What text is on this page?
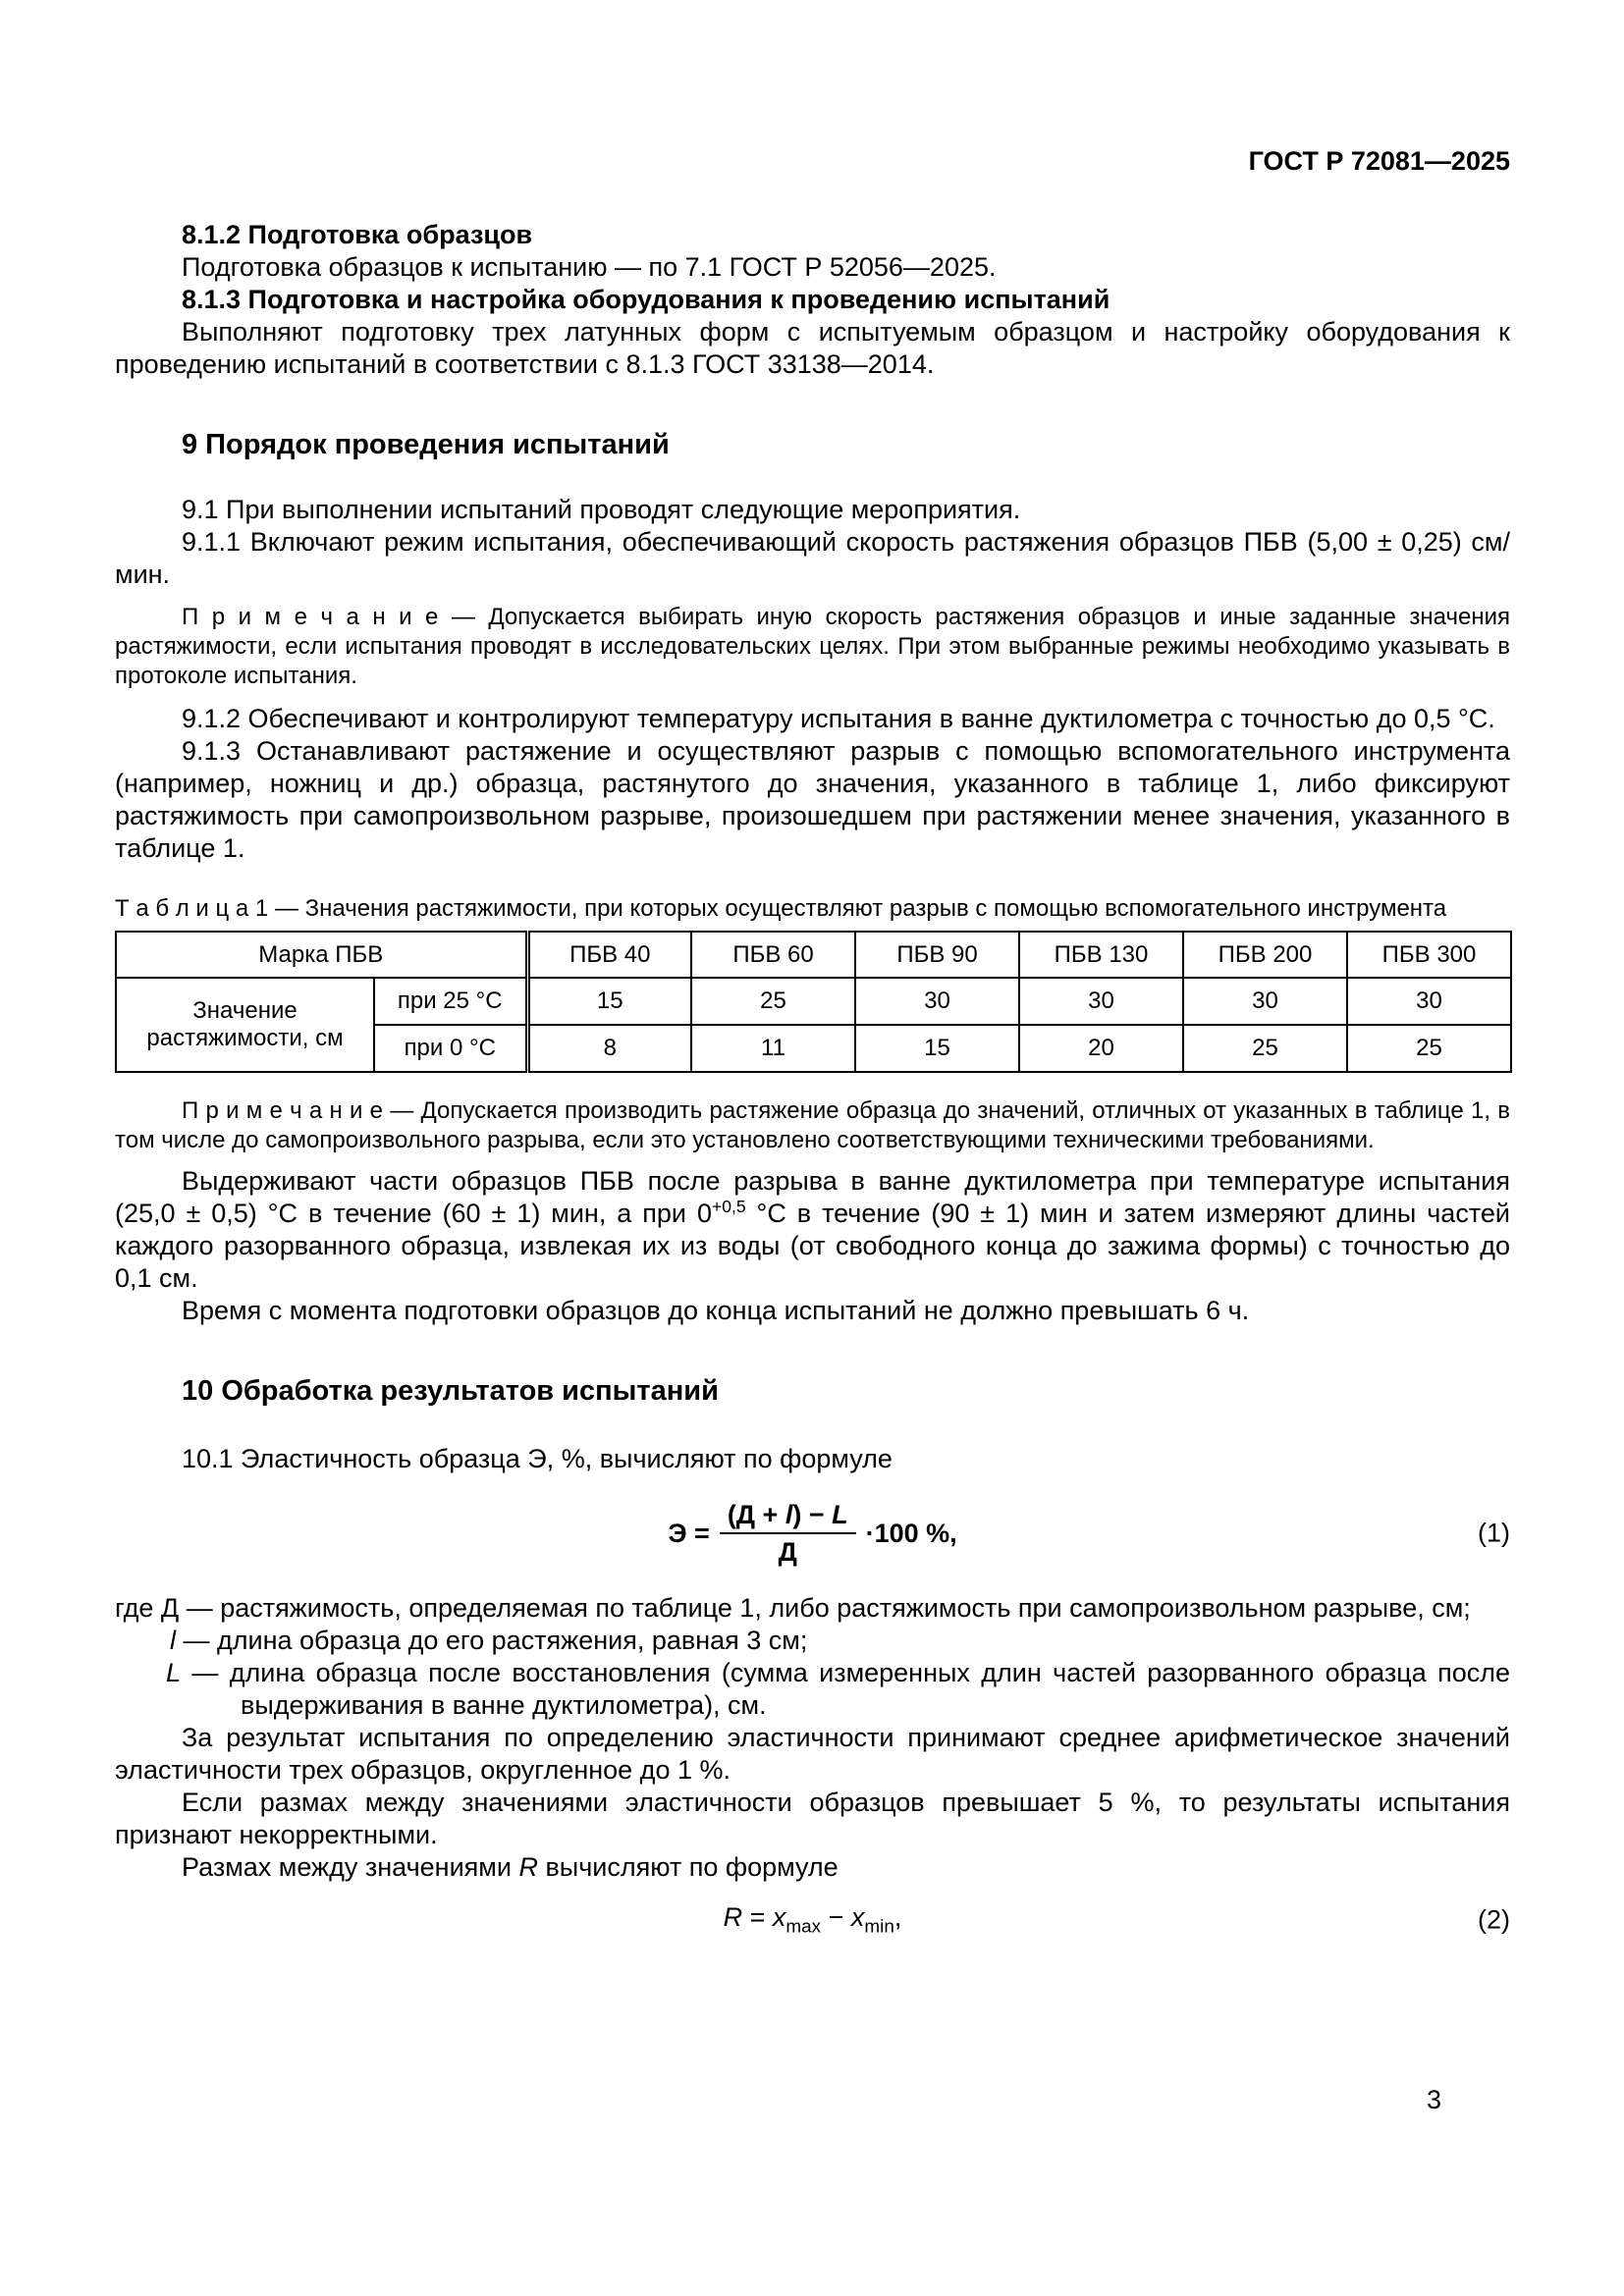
ГОСТ Р 72081—2025

8.1.2 Подготовка образцов

Подготовка образцов к испытанию — по 7.1 ГОСТ Р 52056—2025.

8.1.3 Подготовка и настройка оборудования к проведению испытаний

Выполняют подготовку трех латунных форм с испытуемым образцом и настройку оборудования к проведению испытаний в соответствии с 8.1.3 ГОСТ 33138—2014.

9 Порядок проведения испытаний

9.1 При выполнении испытаний проводят следующие мероприятия.

9.1.1 Включают режим испытания, обеспечивающий скорость растяжения образцов ПБВ (5,00 ± 0,25) см/мин.

П р и м е ч а н и е — Допускается выбирать иную скорость растяжения образцов и иные заданные значения растяжимости, если испытания проводят в исследовательских целях. При этом выбранные режимы необходимо указывать в протоколе испытания.

9.1.2 Обеспечивают и контролируют температуру испытания в ванне дуктилометра с точностью до 0,5 °С.

9.1.3 Останавливают растяжение и осуществляют разрыв с помощью вспомогательного инструмента (например, ножниц и др.) образца, растянутого до значения, указанного в таблице 1, либо фиксируют растяжимость при самопроизвольном разрыве, произошедшем при растяжении менее значения, указанного в таблице 1.

Т а б л и ц а 1 — Значения растяжимости, при которых осуществляют разрыв с помощью вспомогательного инструмента

Марка ПБВ		ПБВ 40	ПБВ 60	ПБВ 90	ПБВ 130	ПБВ 200	ПБВ 300
Значение растяжимости, см	при 25 °С	15	25	30	30	30	30
	при 0 °С	8	11	15	20	25	25

П р и м е ч а н и е — Допускается производить растяжение образца до значений, отличных от указанных в таблице 1, в том числе до самопроизвольного разрыва, если это установлено соответствующими техническими требованиями.

Выдерживают части образцов ПБВ после разрыва в ванне дуктилометра при температуре испытания (25,0 ± 0,5) °С в течение (60 ± 1) мин, а при $0^{+0,5}$ °С в течение (90 ± 1) мин и затем измеряют длины частей каждого разорванного образца, извлекая их из воды (от свободного конца до зажима формы) с точностью до 0,1 см.

Время с момента подготовки образцов до конца испытаний не должно превышать 6 ч.

10 Обработка результатов испытаний

10.1 Эластичность образца Э, %, вычисляют по формуле

$Э = \frac{(Д + l) - L}{Д} \cdot 100$ %,	(1)

где Д — растяжимость, определяемая по таблице 1, либо растяжимость при самопроизвольном разрыве, см;

l — длина образца до его растяжения, равная 3 см;

L — длина образца после восстановления (сумма измеренных длин частей разорванного образца после выдерживания в ванне дуктилометра), см.

За результат испытания по определению эластичности принимают среднее арифметическое значений эластичности трех образцов, округленное до 1 %.

Если размах между значениями эластичности образцов превышает 5 %, то результаты испытания признают некорректными.

Размах между значениями R вычисляют по формуле

$R = x_{max} - x_{min}$,	(2)
3
